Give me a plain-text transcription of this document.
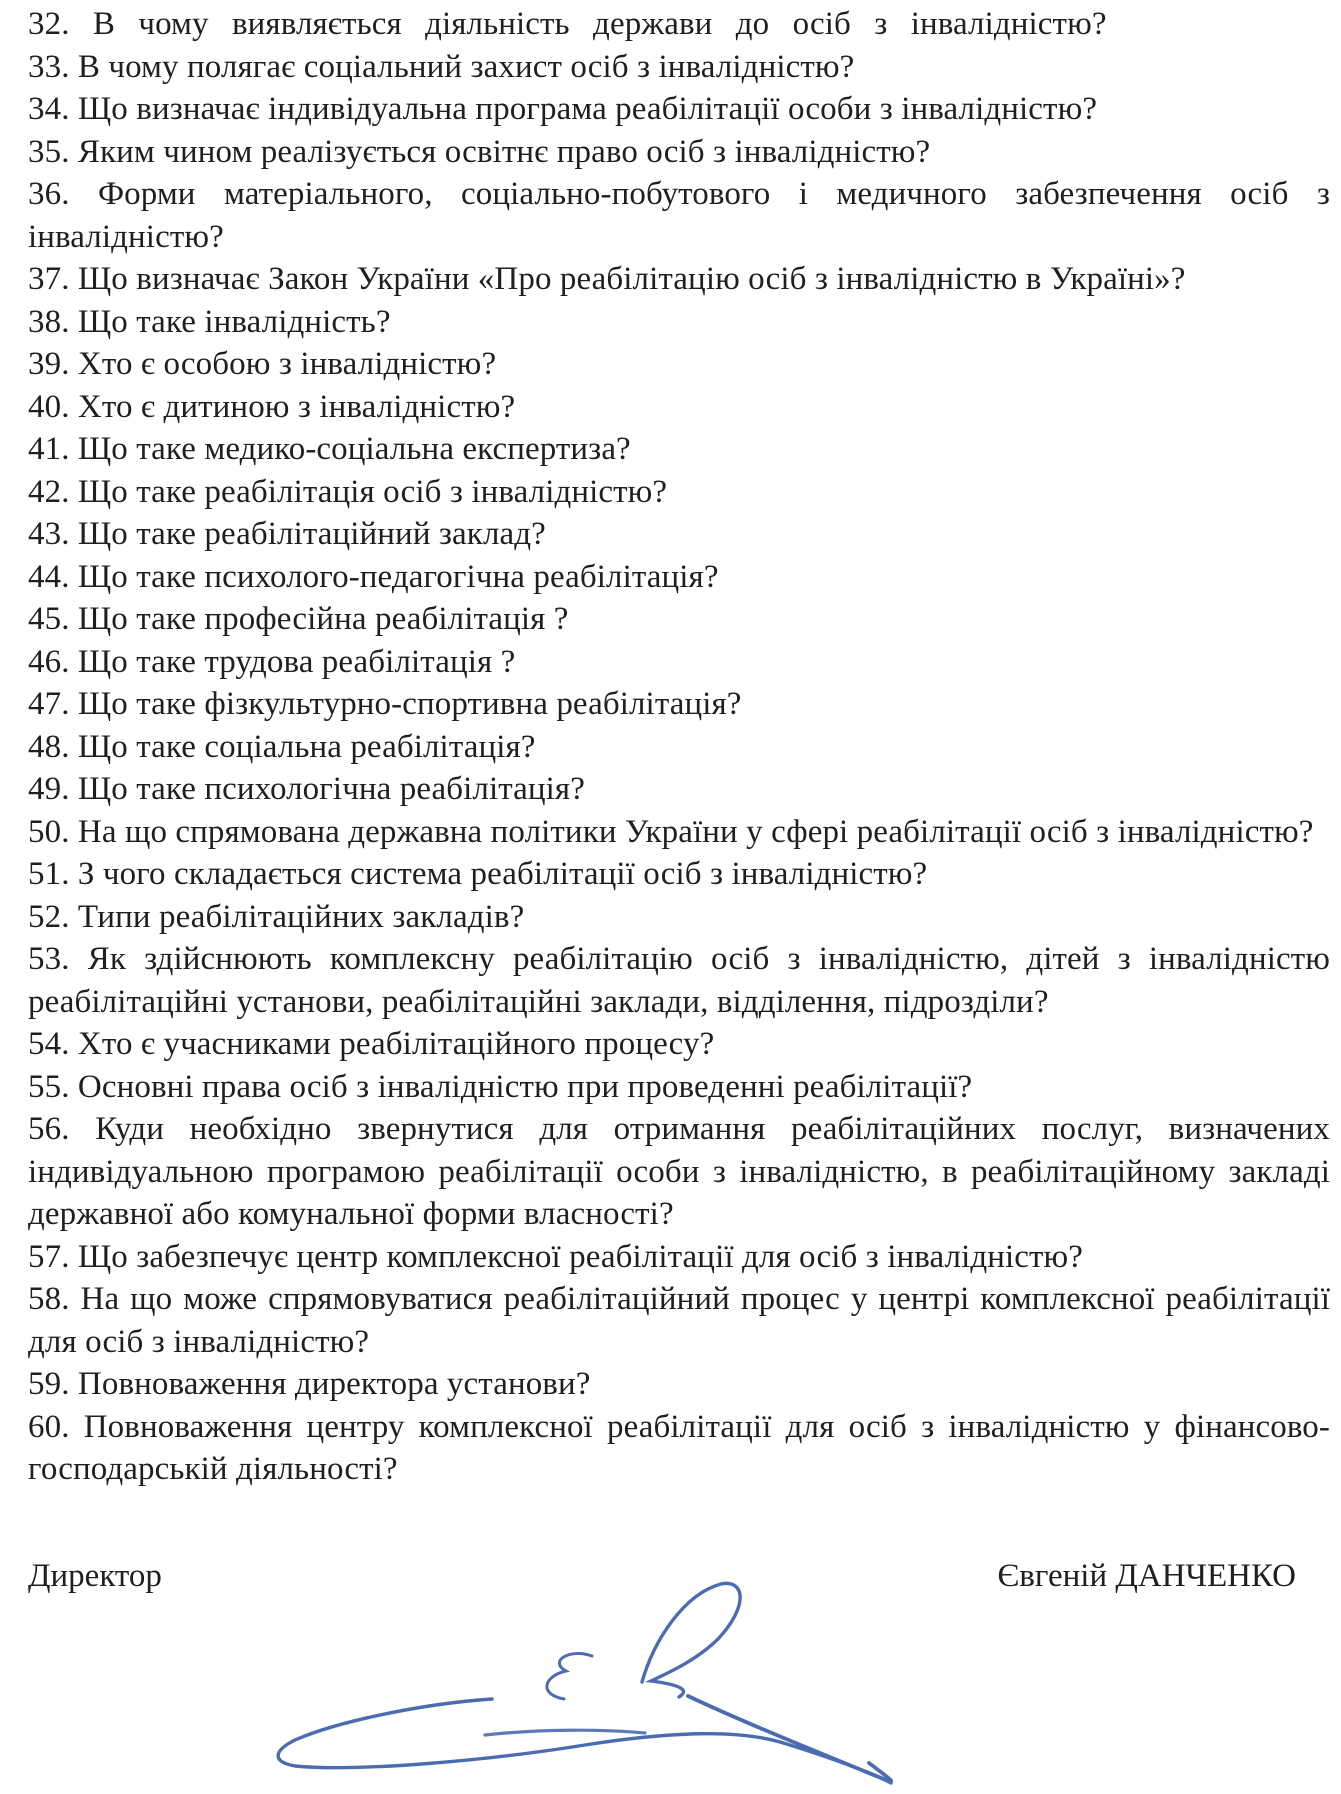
32. В чому виявляється діяльність держави до осіб з інвалідністю?

33. В чому полягає соціальний захист осіб з інвалідністю?

34. Що визначає індивідуальна програма реабілітації особи з інвалідністю?

35. Яким чином реалізується освітнє право осіб з інвалідністю?

36. Форми матеріального, соціально-побутового і медичного забезпечення осіб з інвалідністю?

37. Що визначає Закон України «Про реабілітацію осіб з інвалідністю в Україні»?

38. Що таке інвалідність?

39. Хто є особою з інвалідністю?

40. Хто є дитиною з інвалідністю?

41. Що таке медико-соціальна експертиза?

42. Що таке реабілітація осіб з інвалідністю?

43. Що таке реабілітаційний заклад?

44. Що таке психолого-педагогічна реабілітація?

45. Що таке професійна реабілітація ?

46. Що таке трудова реабілітація ?

47. Що таке фізкультурно-спортивна реабілітація?

48. Що таке соціальна реабілітація?

49. Що таке психологічна реабілітація?

50. На що спрямована державна політики України у сфері реабілітації осіб з інвалідністю?

51. З чого складається система реабілітації осіб з інвалідністю?

52. Типи реабілітаційних закладів?

53. Як здійснюють комплексну реабілітацію осіб з інвалідністю, дітей з інвалідністю реабілітаційні установи, реабілітаційні заклади, відділення, підрозділи?

54. Хто є учасниками реабілітаційного процесу?

55. Основні права осіб з інвалідністю при проведенні реабілітації?

56. Куди необхідно звернутися для отримання реабілітаційних послуг, визначених індивідуальною програмою реабілітації особи з інвалідністю, в реабілітаційному закладі державної або комунальної форми власності?

57. Що забезпечує центр комплексної реабілітації для осіб з інвалідністю?

58. На що може спрямовуватися реабілітаційний процес у центрі комплексної реабілітації для осіб з інвалідністю?

59. Повноваження директора установи?

60. Повноваження центру комплексної реабілітації для осіб з інвалідністю у фінансово-господарській діяльності?

Директор	Євгеній ДАНЧЕНКО
